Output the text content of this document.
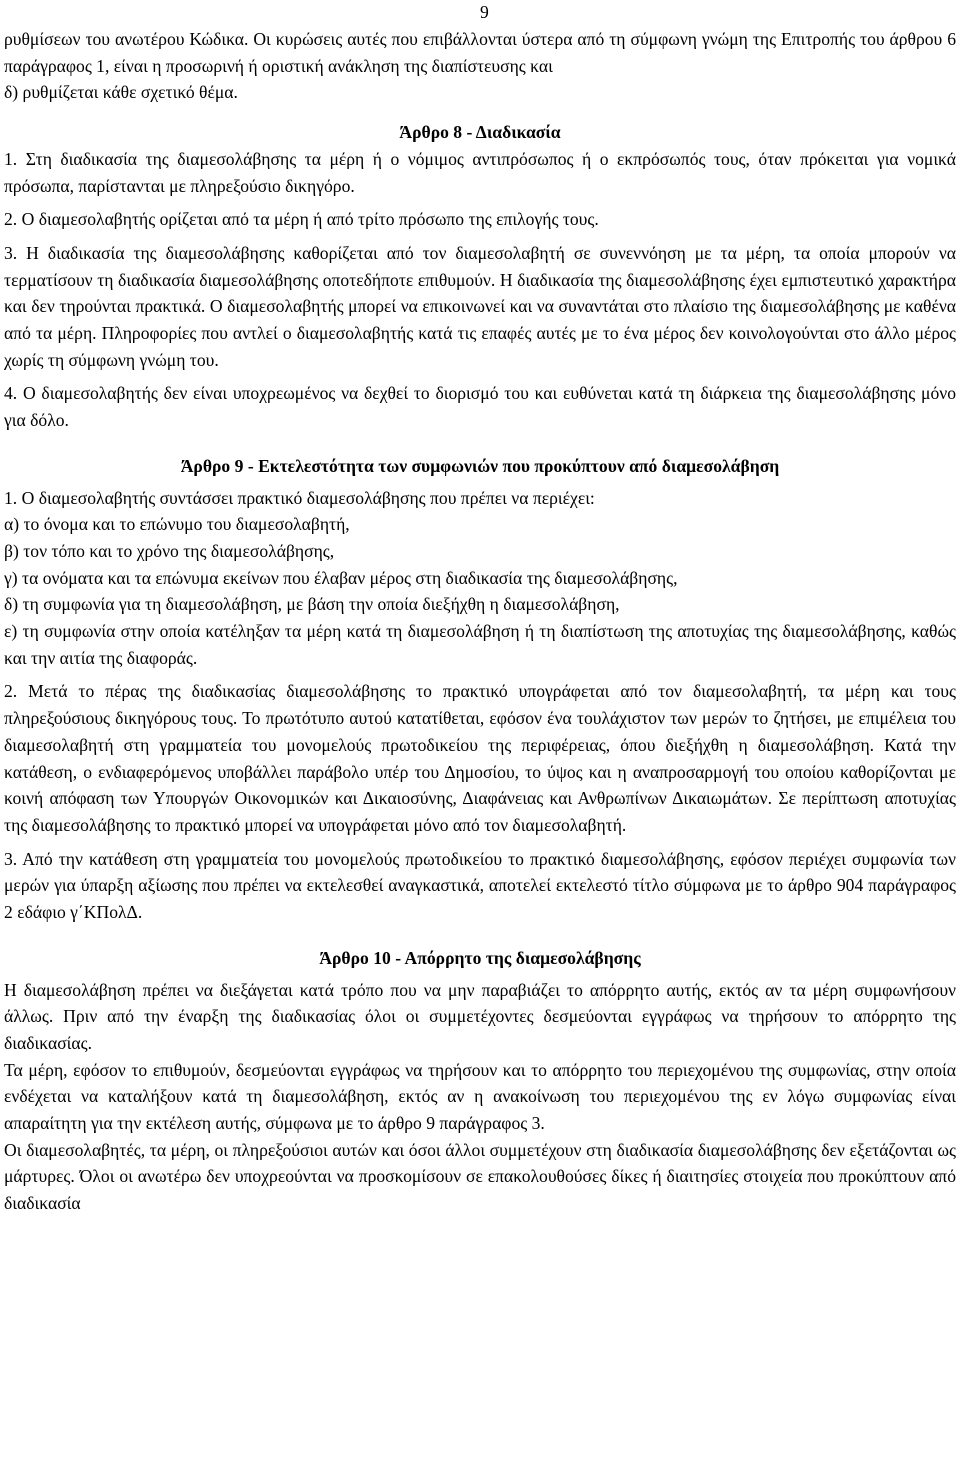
9

ρυθμίσεων του ανωτέρου Κώδικα. Οι κυρώσεις αυτές που επιβάλλονται ύστερα από τη σύμφωνη γνώμη της Επιτροπής του άρθρου 6 παράγραφος 1, είναι η προσωρινή ή οριστική ανάκληση της διαπίστευσης και

δ) ρυθμίζεται κάθε σχετικό θέμα.

Άρθρο 8 - Διαδικασία

1. Στη διαδικασία της διαμεσολάβησης τα μέρη ή ο νόμιμος αντιπρόσωπος ή ο εκπρόσωπός τους, όταν πρόκειται για νομικά πρόσωπα, παρίστανται με πληρεξούσιο δικηγόρο.

2. Ο διαμεσολαβητής ορίζεται από τα μέρη ή από τρίτο πρόσωπο της επιλογής τους.

3. Η διαδικασία της διαμεσολάβησης καθορίζεται από τον διαμεσολαβητή σε συνεννόηση με τα μέρη, τα οποία μπορούν να τερματίσουν τη διαδικασία διαμεσολάβησης οποτεδήποτε επιθυμούν. Η διαδικασία της διαμεσολάβησης έχει εμπιστευτικό χαρακτήρα και δεν τηρούνται πρακτικά. Ο διαμεσολαβητής μπορεί να επικοινωνεί και να συναντάται στο πλαίσιο της διαμεσολάβησης με καθένα από τα μέρη. Πληροφορίες που αντλεί ο διαμεσολαβητής κατά τις επαφές αυτές με το ένα μέρος δεν κοινολογούνται στο άλλο μέρος χωρίς τη σύμφωνη γνώμη του.

4. Ο διαμεσολαβητής δεν είναι υποχρεωμένος να δεχθεί το διορισμό του και ευθύνεται κατά τη διάρκεια της διαμεσολάβησης μόνο για δόλο.

Άρθρο 9 - Εκτελεστότητα των συμφωνιών που προκύπτουν από διαμεσολάβηση

1. Ο διαμεσολαβητής συντάσσει πρακτικό διαμεσολάβησης που πρέπει να περιέχει:

α) το όνομα και το επώνυμο του διαμεσολαβητή,

β) τον τόπο και το χρόνο της διαμεσολάβησης,

γ) τα ονόματα και τα επώνυμα εκείνων που έλαβαν μέρος στη διαδικασία της διαμεσολάβησης,

δ) τη συμφωνία για τη διαμεσολάβηση, με βάση την οποία διεξήχθη η διαμεσολάβηση,

ε) τη συμφωνία στην οποία κατέληξαν τα μέρη κατά τη διαμεσολάβηση ή τη διαπίστωση της αποτυχίας της διαμεσολάβησης, καθώς και την αιτία της διαφοράς.

2. Μετά το πέρας της διαδικασίας διαμεσολάβησης το πρακτικό υπογράφεται από τον διαμεσολαβητή, τα μέρη και τους πληρεξούσιους δικηγόρους τους. Το πρωτότυπο αυτού κατατίθεται, εφόσον ένα τουλάχιστον των μερών το ζητήσει, με επιμέλεια του διαμεσολαβητή στη γραμματεία του μονομελούς πρωτοδικείου της περιφέρειας, όπου διεξήχθη η διαμεσολάβηση. Κατά την κατάθεση, ο ενδιαφερόμενος υποβάλλει παράβολο υπέρ του Δημοσίου, το ύψος και η αναπροσαρμογή του οποίου καθορίζονται με κοινή απόφαση των Υπουργών Οικονομικών και Δικαιοσύνης, Διαφάνειας και Ανθρωπίνων Δικαιωμάτων. Σε περίπτωση αποτυχίας της διαμεσολάβησης το πρακτικό μπορεί να υπογράφεται μόνο από τον διαμεσολαβητή.

3. Από την κατάθεση στη γραμματεία του μονομελούς πρωτοδικείου το πρακτικό διαμεσολάβησης, εφόσον περιέχει συμφωνία των μερών για ύπαρξη αξίωσης που πρέπει να εκτελεσθεί αναγκαστικά, αποτελεί εκτελεστό τίτλο σύμφωνα με το άρθρο 904 παράγραφος 2 εδάφιο γ΄ΚΠολΔ.

Άρθρο 10 - Απόρρητο της διαμεσολάβησης

Η διαμεσολάβηση πρέπει να διεξάγεται κατά τρόπο που να μην παραβιάζει το απόρρητο αυτής, εκτός αν τα μέρη συμφωνήσουν άλλως. Πριν από την έναρξη της διαδικασίας όλοι οι συμμετέχοντες δεσμεύονται εγγράφως να τηρήσουν το απόρρητο της διαδικασίας.

Τα μέρη, εφόσον το επιθυμούν, δεσμεύονται εγγράφως να τηρήσουν και το απόρρητο του περιεχομένου της συμφωνίας, στην οποία ενδέχεται να καταλήξουν κατά τη διαμεσολάβηση, εκτός αν η ανακοίνωση του περιεχομένου της εν λόγω συμφωνίας είναι απαραίτητη για την εκτέλεση αυτής, σύμφωνα με το άρθρο 9 παράγραφος 3.

Οι διαμεσολαβητές, τα μέρη, οι πληρεξούσιοι αυτών και όσοι άλλοι συμμετέχουν στη διαδικασία διαμεσολάβησης δεν εξετάζονται ως μάρτυρες. Όλοι οι ανωτέρω δεν υποχρεούνται να προσκομίσουν σε επακολουθούσες δίκες ή διαιτησίες στοιχεία που προκύπτουν από διαδικασία
